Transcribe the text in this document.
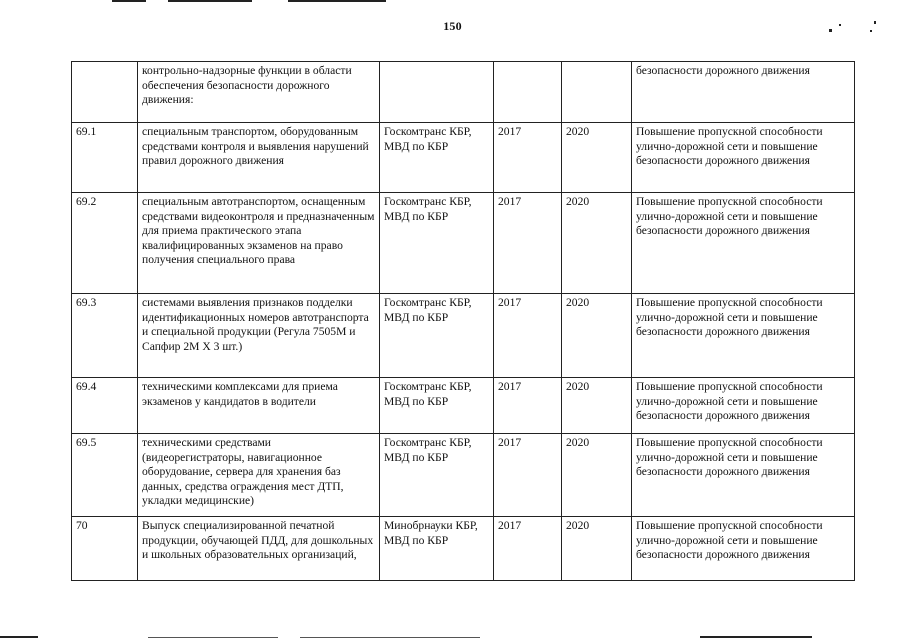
150
	контрольно-надзорные функции в области обеспечения безопасности дорожного движения:				безопасности дорожного движения
69.1	специальным транспортом, оборудованным средствами контроля и выявления нарушений правил дорожного движения	Госкомтранс КБР, МВД по КБР	2017	2020	Повышение пропускной способности улично-дорожной сети и повышение безопасности дорожного движения
69.2	специальным автотранспортом, оснащенным средствами видеоконтроля и предназначенным для приема практического этапа квалифицированных экзаменов на право получения специального права	Госкомтранс КБР, МВД по КБР	2017	2020	Повышение пропускной способности улично-дорожной сети и повышение безопасности дорожного движения
69.3	системами выявления признаков подделки идентификационных номеров автотранспорта и специальной продукции (Регула 7505М и Сапфир 2М Х 3 шт.)	Госкомтранс КБР, МВД по КБР	2017	2020	Повышение пропускной способности улично-дорожной сети и повышение безопасности дорожного движения
69.4	техническими комплексами для приема экзаменов у кандидатов в водители	Госкомтранс КБР, МВД по КБР	2017	2020	Повышение пропускной способности улично-дорожной сети и повышение безопасности дорожного движения
69.5	техническими средствами (видеорегистраторы, навигационное оборудование, сервера для хранения баз данных, средства ограждения мест ДТП, укладки медицинские)	Госкомтранс КБР, МВД по КБР	2017	2020	Повышение пропускной способности улично-дорожной сети и повышение безопасности дорожного движения
70	Выпуск специализированной печатной продукции, обучающей ПДД, для дошкольных и школьных образовательных организаций,	Минобрнауки КБР, МВД по КБР	2017	2020	Повышение пропускной способности улично-дорожной сети и повышение безопасности дорожного движения
